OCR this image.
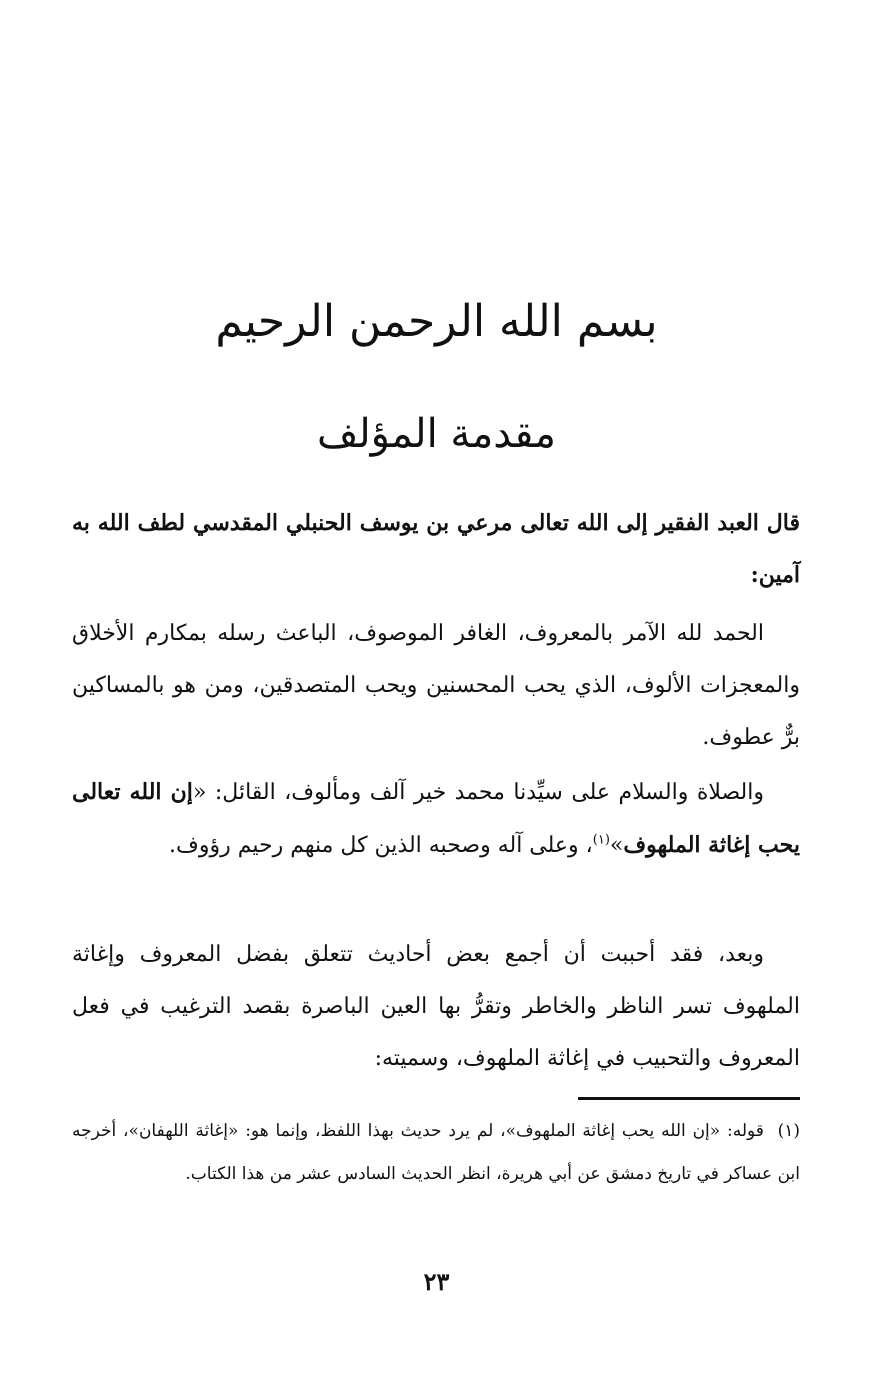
بسم الله الرحمن الرحيم
مقدمة المؤلف
قال العبد الفقير إلى الله تعالى مرعي بن يوسف الحنبلي المقدسي لطف الله به آمين:
الحمد لله الآمر بالمعروف، الغافر الموصوف، الباعث رسله بمكارم الأخلاق والمعجزات الألوف، الذي يحب المحسنين ويحب المتصدقين، ومن هو بالمساكين برٌّ عطوف.
والصلاة والسلام على سيِّدنا محمد خير آلف ومألوف، القائل: «إن الله تعالى يحب إغاثة الملهوف»$^{(١)}$، وعلى آله وصحبه الذين كل منهم رحيم رؤوف.
وبعد، فقد أحببت أن أجمع بعض أحاديث تتعلق بفضل المعروف وإغاثة الملهوف تسر الناظر والخاطر وتقرُّ بها العين الباصرة بقصد الترغيب في فعل المعروف والتحبيب في إغاثة الملهوف، وسميته:
(١)  قوله: «إن الله يحب إغاثة الملهوف»، لم يرد حديث بهذا اللفظ، وإنما هو: «إغاثة اللهفان»، أخرجه ابن عساكر في تاريخ دمشق عن أبي هريرة، انظر الحديث السادس عشر من هذا الكتاب.
٢٣
